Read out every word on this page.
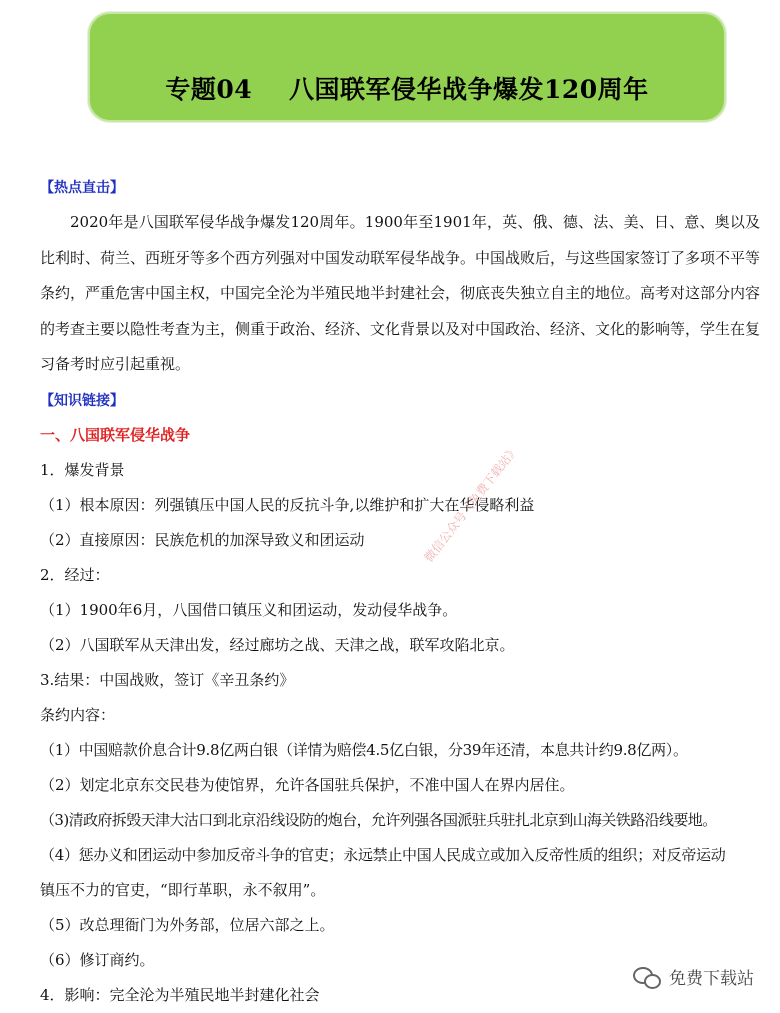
专题04    八国联军侵华战争爆发120周年
【热点直击】

2020年是八国联军侵华战争爆发120周年。1900年至1901年，英、俄、德、法、美、日、意、奥以及比利时、荷兰、西班牙等多个西方列强对中国发动联军侵华战争。中国战败后，与这些国家签订了多项不平等条约，严重危害中国主权，中国完全沦为半殖民地半封建社会，彻底丧失独立自主的地位。高考对这部分内容的考查主要以隐性考查为主，侧重于政治、经济、文化背景以及对中国政治、经济、文化的影响等，学生在复习备考时应引起重视。

【知识链接】
一、八国联军侵华战争
1．爆发背景
（1）根本原因：列强镇压中国人民的反抗斗争,以维护和扩大在华侵略利益
（2）直接原因：民族危机的加深导致义和团运动
2．经过：
（1）1900年6月，八国借口镇压义和团运动，发动侵华战争。
（2）八国联军从天津出发，经过廊坊之战、天津之战，联军攻陷北京。
3.结果：中国战败，签订《辛丑条约》
条约内容：
（1）中国赔款价息合计9.8亿两白银（详情为赔偿4.5亿白银，分39年还清，本息共计约9.8亿两）。
（2）划定北京东交民巷为使馆界，允许各国驻兵保护，不准中国人在界内居住。
（3)清政府拆毁天津大沽口到北京沿线设防的炮台，允许列强各国派驻兵驻扎北京到山海关铁路沿线要地。
（4）惩办义和团运动中参加反帝斗争的官吏；永远禁止中国人民成立或加入反帝性质的组织；对反帝运动
镇压不力的官吏，“即行革职，永不叙用”。
（5）改总理衙门为外务部，位居六部之上。
（6）修订商约。
4．影响：完全沦为半殖民地半封建化社会
微信公众号《免费下载站》
免费下载站
